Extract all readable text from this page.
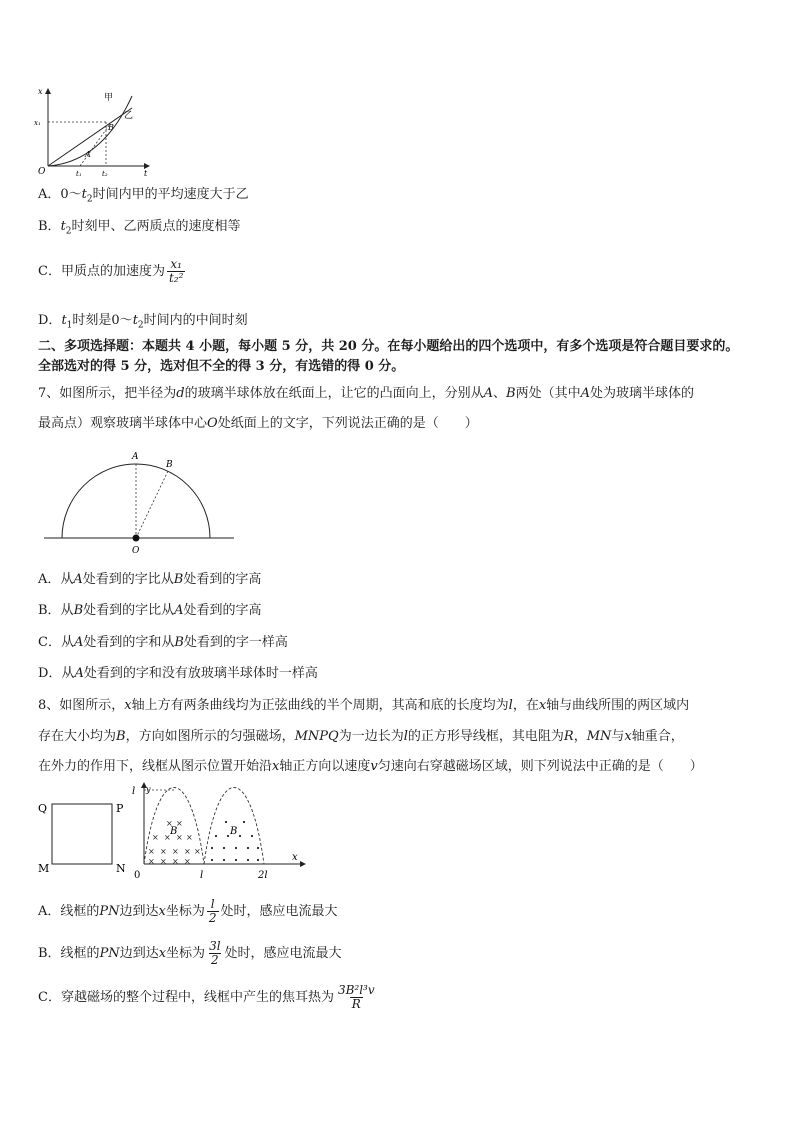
x
t
O
x₁
t₁	t₂
甲
乙
A
B
A．$0\sim t_2$时间内甲的平均速度大于乙
B．$t_2$时刻甲、乙两质点的速度相等
C．甲质点的加速度为 $\frac{\text{x₁}}{\text{t₂²}}$
D．$t_1$时刻是$0\sim t_2$时间内的中间时刻
二、多项选择题：本题共 4 小题，每小题 5 分，共 20 分。在每小题给出的四个选项中，有多个选项是符合题目要求的。
全部选对的得 5 分，选对但不全的得 3 分，有选错的得 0 分。
7、如图所示，把半径为d的玻璃半球体放在纸面上，让它的凸面向上，分别从A、B两处（其中A处为玻璃半球体的
最高点）观察玻璃半球体中心O处纸面上的文字，下列说法正确的是（　　）
A
B
O
A．从A处看到的字比从B处看到的字高
B．从B处看到的字比从A处看到的字高
C．从A处看到的字和从B处看到的字一样高
D．从A处看到的字和没有放玻璃半球体时一样高
8、如图所示，x轴上方有两条曲线均为正弦曲线的半个周期，其高和底的长度均为l，在x轴与曲线所围的两区域内
存在大小均为B，方向如图所示的匀强磁场，MNPQ为一边长为l的正方形导线框，其电阻为R，MN与x轴重合，
在外力的作用下，线框从图示位置开始沿x轴正方向以速度v匀速向右穿越磁场区域，则下列说法中正确的是（　　）
Q	P
M	N
y
l
0	l	2l
x
× ×
× × × ×
× × × × ×
× × × ×
B	B
A．线框的PN边到达x坐标为 $\frac{l}{2}$ 处时，感应电流最大
B．线框的PN边到达x坐标为 $\frac{3l}{2}$ 处时，感应电流最大
C．穿越磁场的整个过程中，线框中产生的焦耳热为 $\frac{\text{3B²l³v}}{R}$
